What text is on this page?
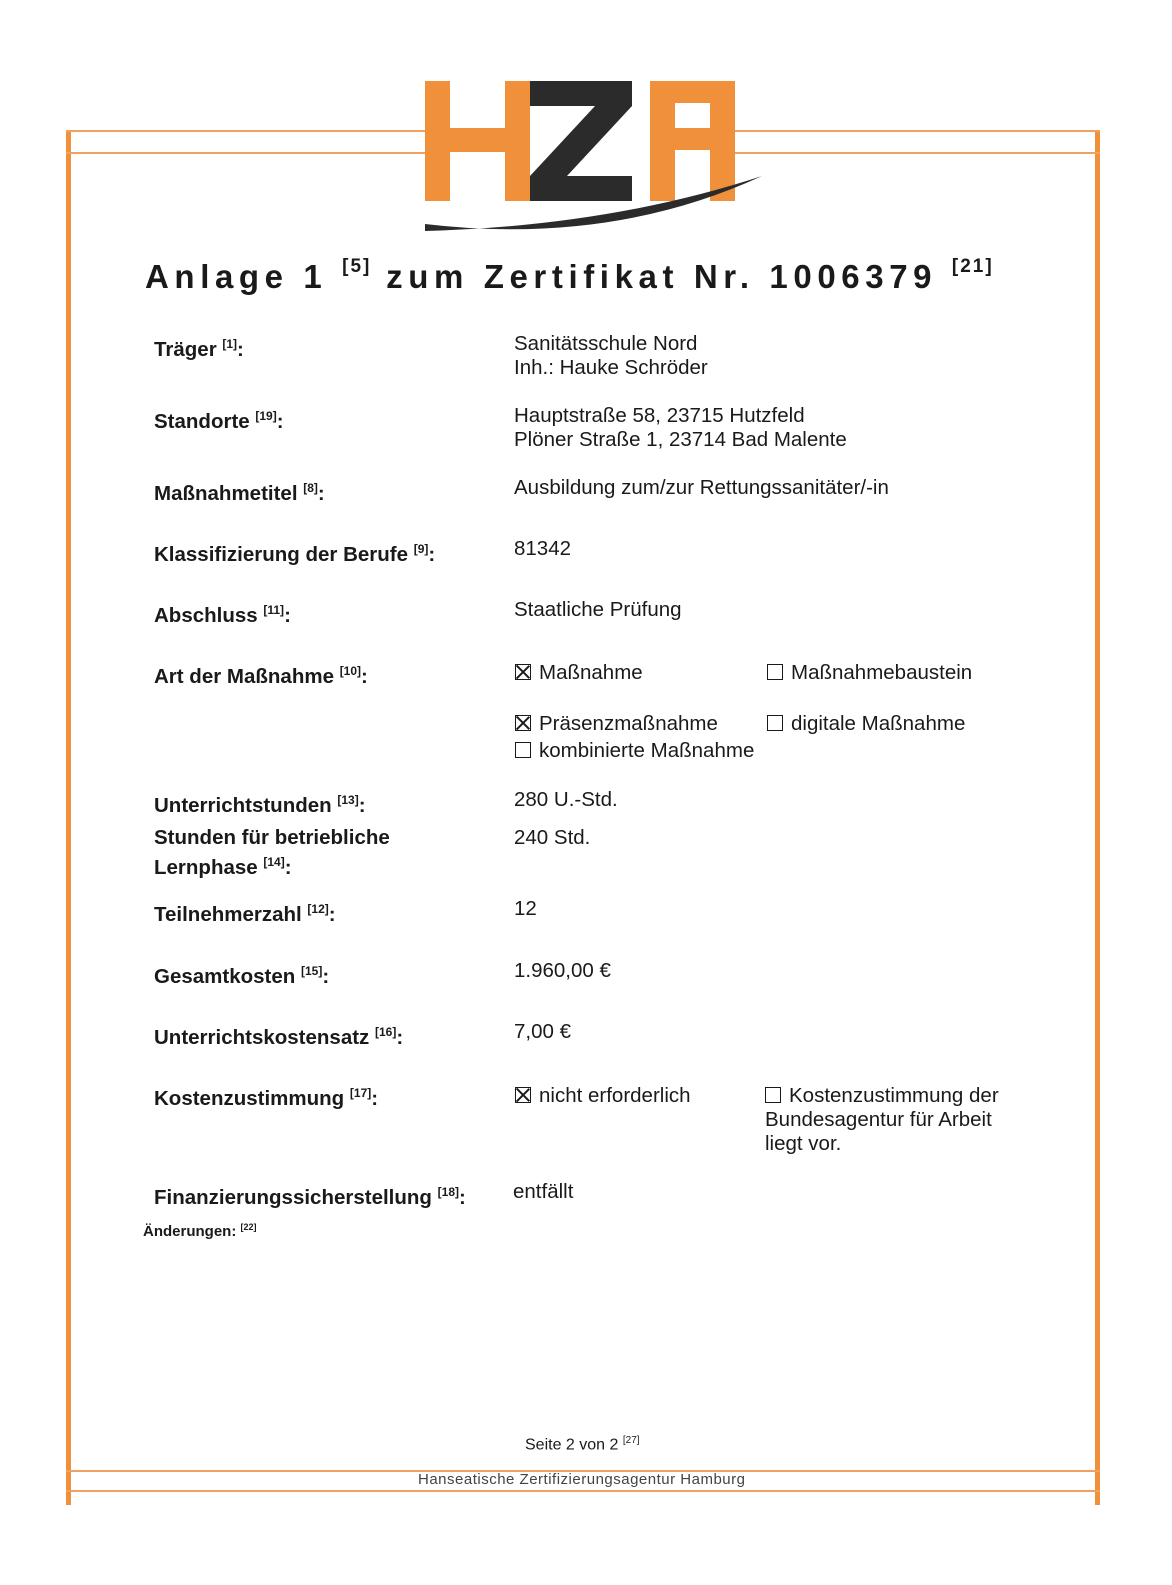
Anlage 1 [5] zum Zertifikat Nr. 1006379 [21]
Träger [1]:	Sanitätsschule Nord
Inh.: Hauke Schröder
Standorte [19]:	Hauptstraße 58, 23715 Hutzfeld
Plöner Straße 1, 23714 Bad Malente
Maßnahmetitel [8]:	Ausbildung zum/zur Rettungssanitäter/-in
Klassifizierung der Berufe [9]:	81342
Abschluss [11]:	Staatliche Prüfung
Art der Maßnahme [10]:	Maßnahme	Maßnahmebaustein
Präsenzmaßnahme	digitale Maßnahme
kombinierte Maßnahme
Unterrichtstunden [13]:	280 U.-Std.
Stunden für betriebliche
Lernphase [14]:
240 Std.
Teilnehmerzahl [12]:	12
Gesamtkosten [15]:	1.960,00 €
Unterrichtskostensatz [16]:	7,00 €
Kostenzustimmung [17]:	nicht erforderlich	Kostenzustimmung der
Bundesagentur für Arbeit
liegt vor.
Finanzierungssicherstellung [18]: entfällt
Änderungen: [22]
Seite 2 von 2 [27]
Hanseatische Zertifizierungsagentur Hamburg
